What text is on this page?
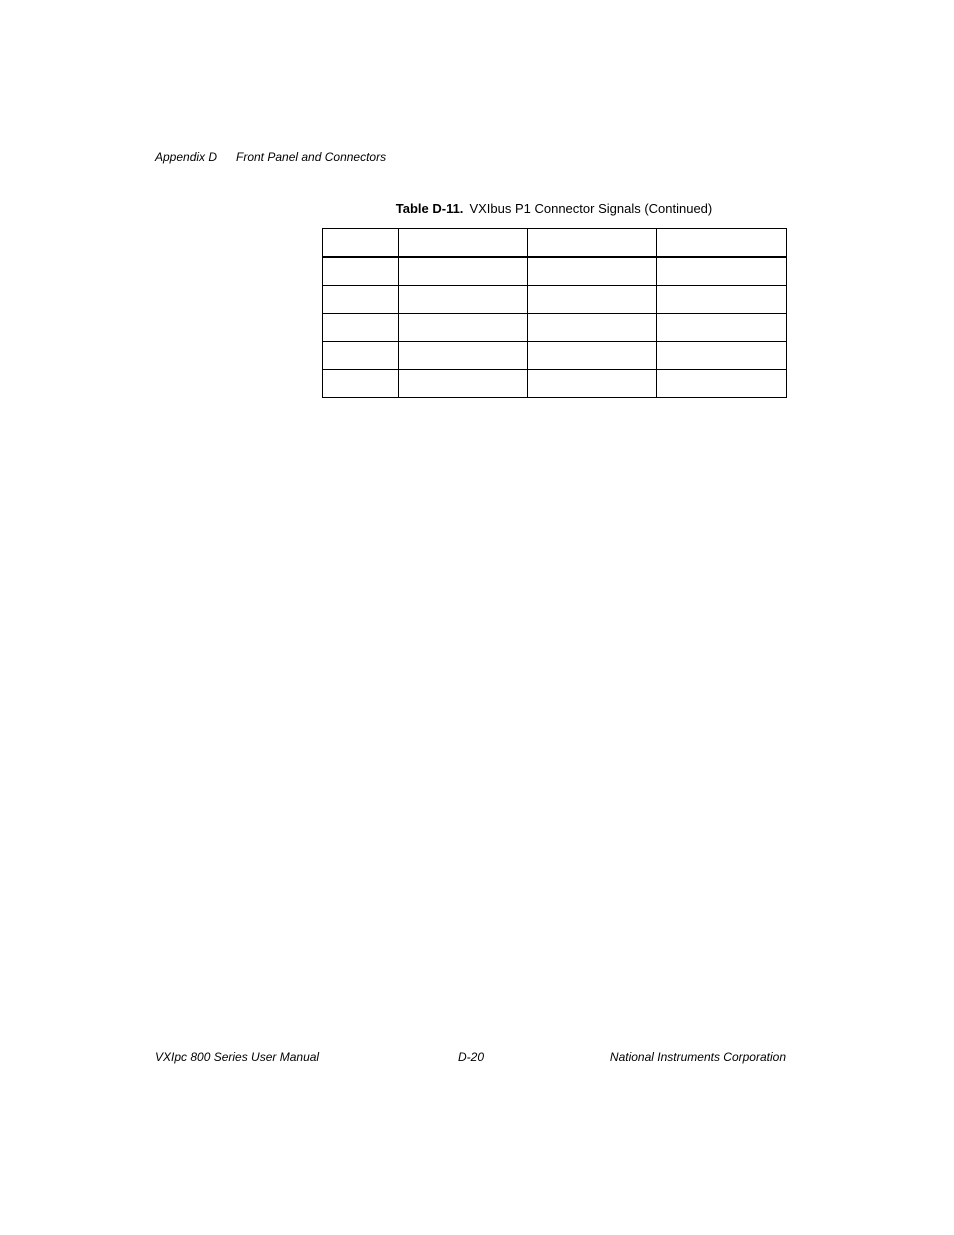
Appendix D Front Panel and Connectors
Table D-11. VXIbus P1 Connector Signals (Continued)

VXIpc 800 Series User Manual	D-20	National Instruments Corporation
